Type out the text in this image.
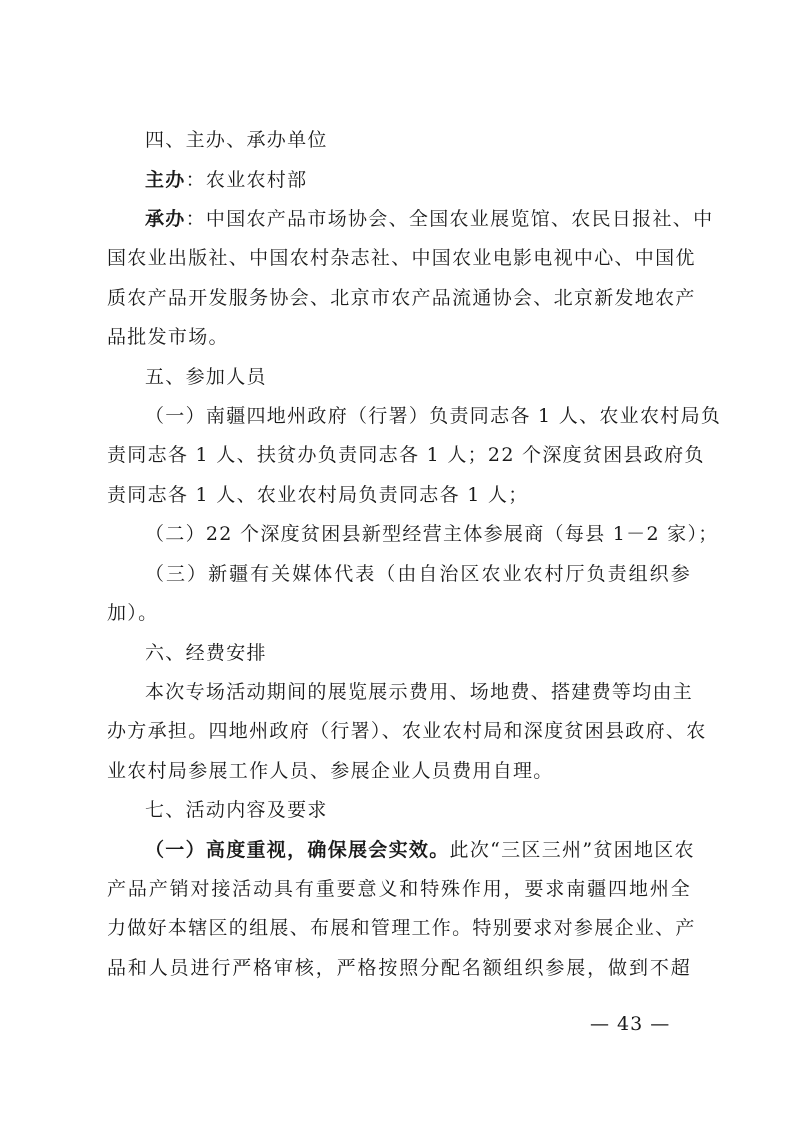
四、主办、承办单位
主办：农业农村部
承办：中国农产品市场协会、全国农业展览馆、农民日报社、中
国农业出版社、中国农村杂志社、中国农业电影电视中心、中国优
质农产品开发服务协会、北京市农产品流通协会、北京新发地农产
品批发市场。
五、参加人员
（一）南疆四地州政府（行署）负责同志各 1 人、农业农村局负
责同志各 1 人、扶贫办负责同志各 1 人；22 个深度贫困县政府负
责同志各 1 人、农业农村局负责同志各 1 人；
（二）22 个深度贫困县新型经营主体参展商（每县 1－2 家）；
（三）新疆有关媒体代表（由自治区农业农村厅负责组织参
加）。
六、经费安排
本次专场活动期间的展览展示费用、场地费、搭建费等均由主
办方承担。四地州政府（行署）、农业农村局和深度贫困县政府、农
业农村局参展工作人员、参展企业人员费用自理。
七、活动内容及要求
（一）高度重视，确保展会实效。此次“三区三州”贫困地区农
产品产销对接活动具有重要意义和特殊作用，要求南疆四地州全
力做好本辖区的组展、布展和管理工作。特别要求对参展企业、产
品和人员进行严格审核，严格按照分配名额组织参展，做到不超
— 43 —
